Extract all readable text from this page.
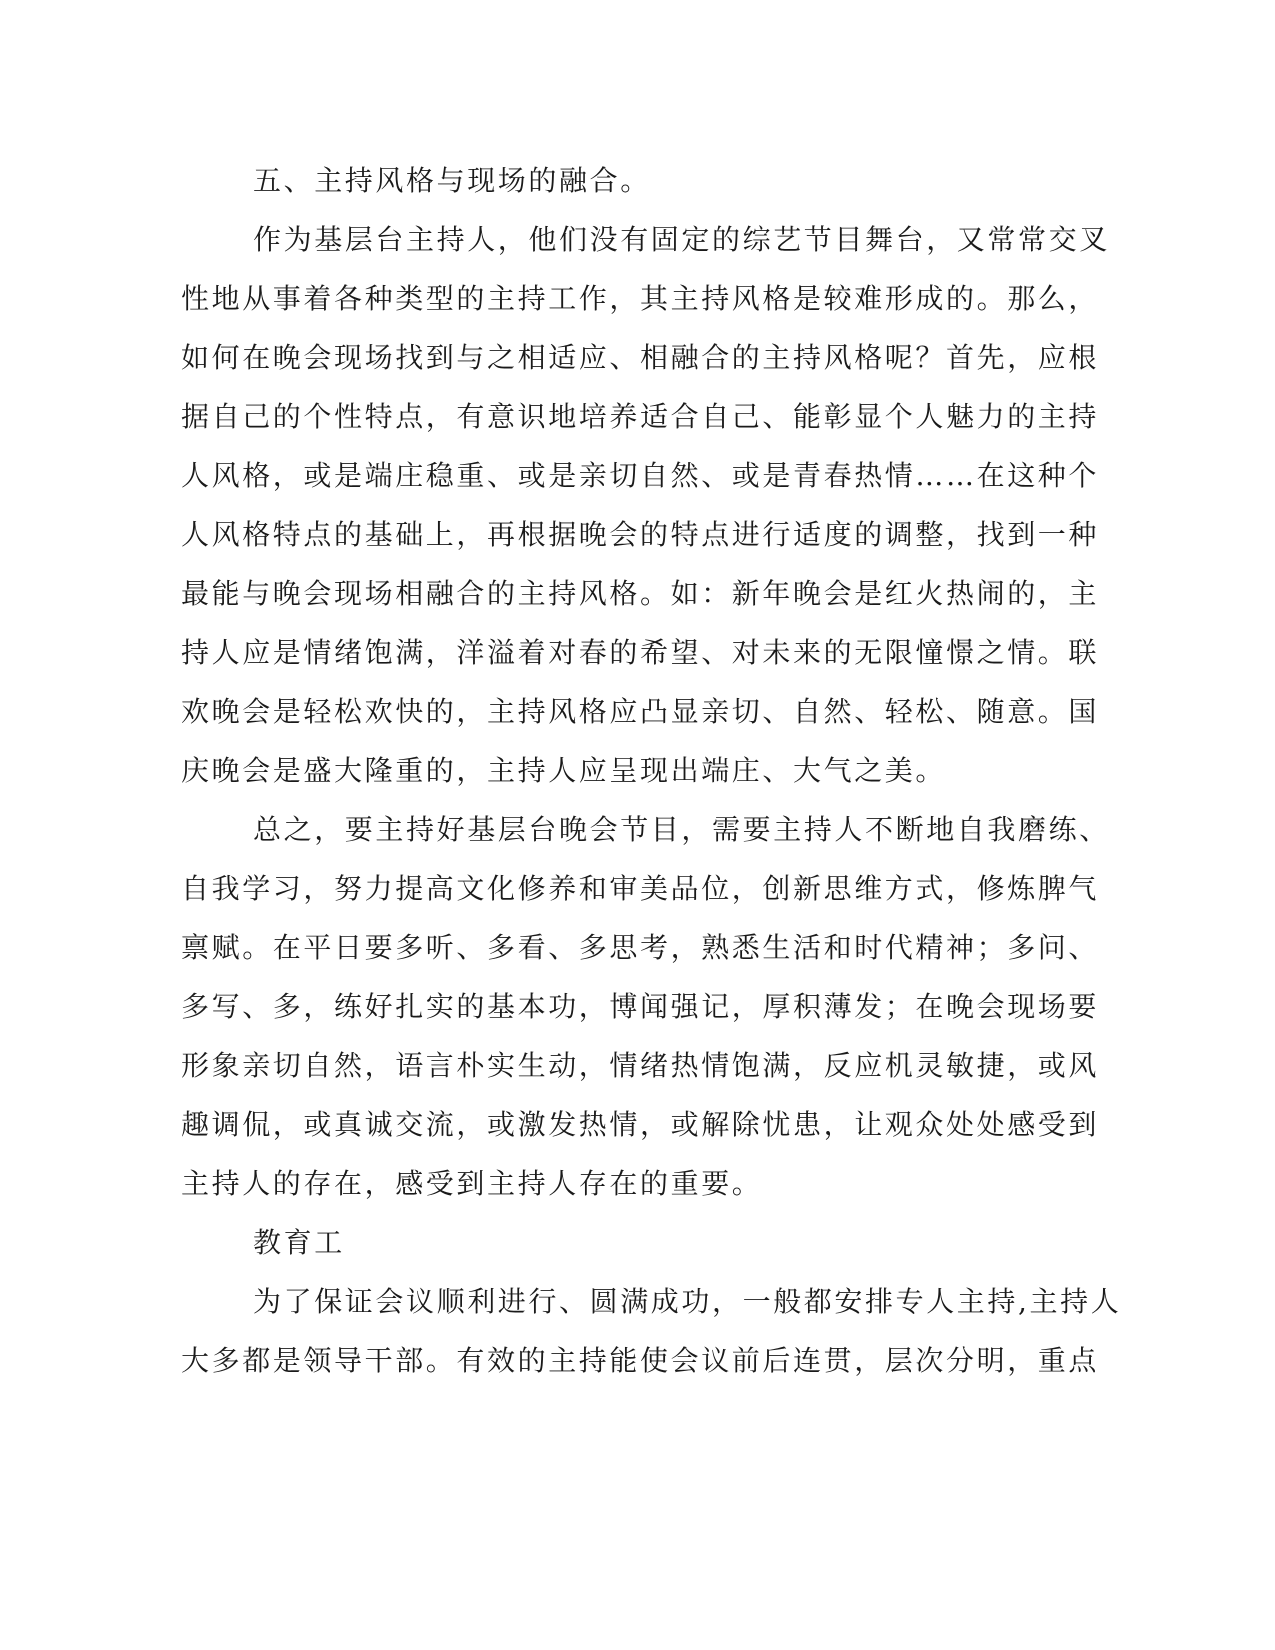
五、主持风格与现场的融合。
作为基层台主持人，他们没有固定的综艺节目舞台，又常常交叉
性地从事着各种类型的主持工作，其主持风格是较难形成的。那么，
如何在晚会现场找到与之相适应、相融合的主持风格呢？首先，应根
据自己的个性特点，有意识地培养适合自己、能彰显个人魅力的主持
人风格，或是端庄稳重、或是亲切自然、或是青春热情……在这种个
人风格特点的基础上，再根据晚会的特点进行适度的调整，找到一种
最能与晚会现场相融合的主持风格。如：新年晚会是红火热闹的，主
持人应是情绪饱满，洋溢着对春的希望、对未来的无限憧憬之情。联
欢晚会是轻松欢快的，主持风格应凸显亲切、自然、轻松、随意。国
庆晚会是盛大隆重的，主持人应呈现出端庄、大气之美。
总之，要主持好基层台晚会节目，需要主持人不断地自我磨练、
自我学习，努力提高文化修养和审美品位，创新思维方式，修炼脾气
禀赋。在平日要多听、多看、多思考，熟悉生活和时代精神；多问、
多写、多，练好扎实的基本功，博闻强记，厚积薄发；在晚会现场要
形象亲切自然，语言朴实生动，情绪热情饱满，反应机灵敏捷，或风
趣调侃，或真诚交流，或激发热情，或解除忧患，让观众处处感受到
主持人的存在，感受到主持人存在的重要。
教育工
为了保证会议顺利进行、圆满成功，一般都安排专人主持,主持人
大多都是领导干部。有效的主持能使会议前后连贯，层次分明，重点
